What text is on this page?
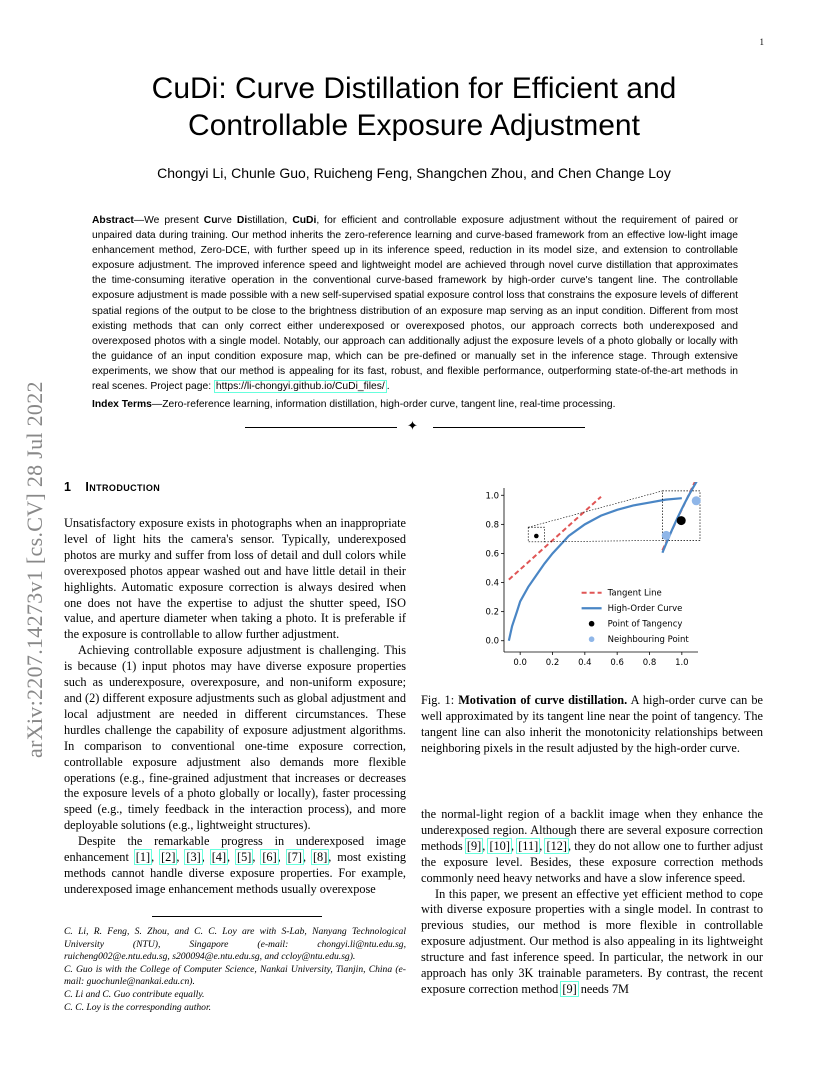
1
CuDi: Curve Distillation for Efficient and
Controllable Exposure Adjustment
Chongyi Li, Chunle Guo, Ruicheng Feng, Shangchen Zhou, and Chen Change Loy

Abstract—We present Curve Distillation, CuDi, for efficient and controllable exposure adjustment without the requirement of paired or unpaired data during training. Our method inherits the zero-reference learning and curve-based framework from an effective low-light image enhancement method, Zero-DCE, with further speed up in its inference speed, reduction in its model size, and extension to controllable exposure adjustment. The improved inference speed and lightweight model are achieved through novel curve distillation that approximates the time-consuming iterative operation in the conventional curve-based framework by high-order curve's tangent line. The controllable exposure adjustment is made possible with a new self-supervised spatial exposure control loss that constrains the exposure levels of different spatial regions of the output to be close to the brightness distribution of an exposure map serving as an input condition. Different from most existing methods that can only correct either underexposed or overexposed photos, our approach corrects both underexposed and overexposed photos with a single model. Notably, our approach can additionally adjust the exposure levels of a photo globally or locally with the guidance of an input condition exposure map, which can be pre-defined or manually set in the inference stage. Through extensive experiments, we show that our method is appealing for its fast, robust, and flexible performance, outperforming state-of-the-art methods in real scenes. Project page: https://li-chongyi.github.io/CuDi_files/ .

Index Terms—Zero-reference learning, information distillation, high-order curve, tangent line, real-time processing.

✦
arXiv:2207.14273v1 [cs.CV] 28 Jul 2022 1 Introduction

Unsatisfactory exposure exists in photographs when an inappropriate level of light hits the camera's sensor. Typically, underexposed photos are murky and suffer from loss of detail and dull colors while overexposed photos appear washed out and have little detail in their highlights. Automatic exposure correction is always desired when one does not have the expertise to adjust the shutter speed, ISO value, and aperture diameter when taking a photo. It is preferable if the exposure is controllable to allow further adjustment.

Achieving controllable exposure adjustment is challenging. This is because (1) input photos may have diverse exposure properties such as underexposure, overexposure, and non-uniform exposure; and (2) different exposure adjustments such as global adjustment and local adjustment are needed in different circumstances. These hurdles challenge the capability of exposure adjustment algorithms. In comparison to conventional one-time exposure correction, controllable exposure adjustment also demands more flexible operations (e.g., fine-grained adjustment that increases or decreases the exposure levels of a photo globally or locally), faster processing speed (e.g., timely feedback in the interaction process), and more deployable solutions (e.g., lightweight structures).

Despite the remarkable progress in underexposed image enhancement [1], [2], [3], [4], [5], [6], [7], [8], most existing methods cannot handle diverse exposure properties. For example, underexposed image enhancement methods usually overexpose

C. Li, R. Feng, S. Zhou, and C. C. Loy are with S-Lab, Nanyang Technological University (NTU), Singapore (e-mail: chongyi.li@ntu.edu.sg, ruicheng002@e.ntu.edu.sg, s200094@e.ntu.edu.sg, and ccloy@ntu.edu.sg).

C. Guo is with the College of Computer Science, Nankai University, Tianjin, China (e-mail: guochunle@nankai.edu.cn).

C. Li and C. Guo contribute equally.

C. C. Loy is the corresponding author.

0.0
0.2
0.4
0.6
0.8
1.0
0.0 0.2 0.4 0.6 0.8 1.0
Tangent Line
High-Order Curve
Point of Tangency
Neighbouring Point

Fig. 1: Motivation of curve distillation. A high-order curve can be well approximated by its tangent line near the point of tangency. The tangent line can also inherit the monotonicity relationships between neighboring pixels in the result adjusted by the high-order curve.

the normal-light region of a backlit image when they enhance the underexposed region. Although there are several exposure correction methods [9], [10], [11], [12], they do not allow one to further adjust the exposure level. Besides, these exposure correction methods commonly need heavy networks and have a slow inference speed.

In this paper, we present an effective yet efficient method to cope with diverse exposure properties with a single model. In contrast to previous studies, our method is more flexible in controllable exposure adjustment. Our method is also appealing in its lightweight structure and fast inference speed. In particular, the network in our approach has only 3K trainable parameters. By contrast, the recent exposure correction method [9] needs 7M
